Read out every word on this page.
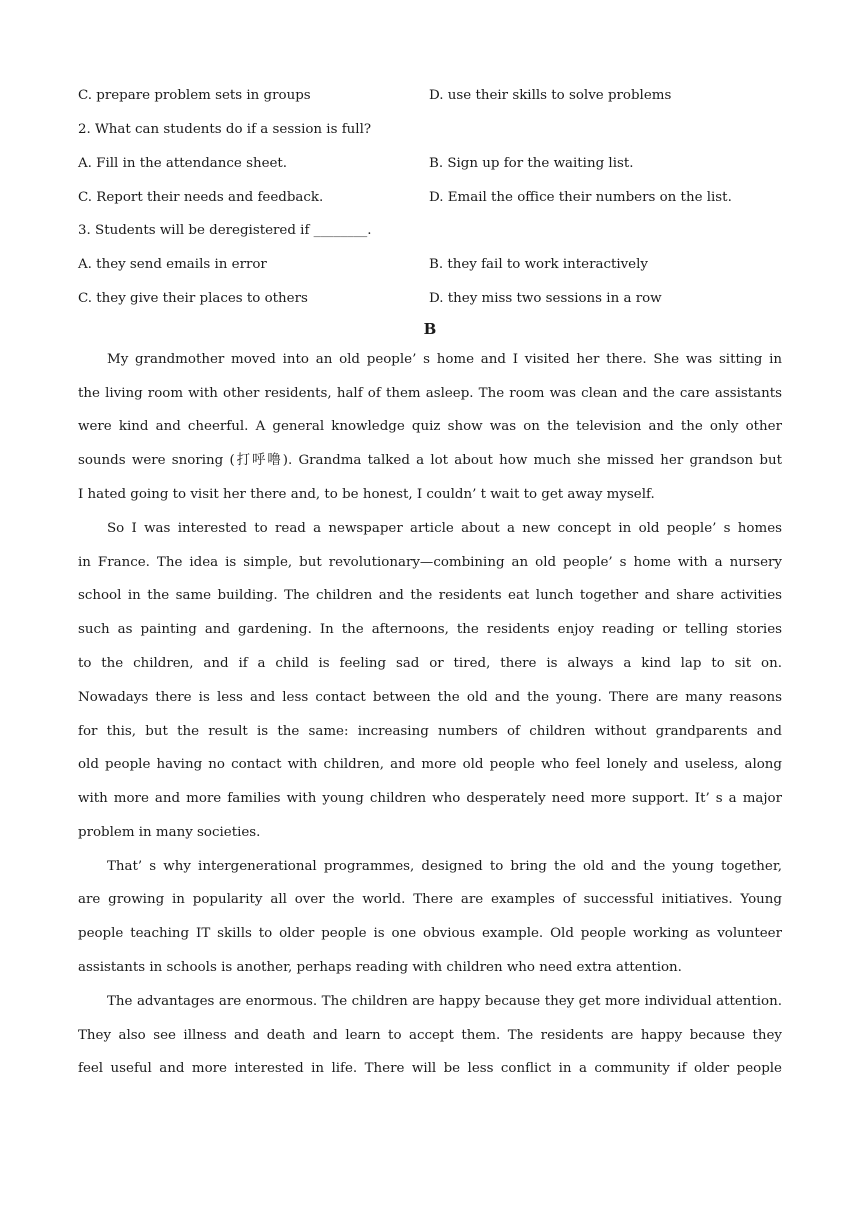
C. prepare problem sets in groups	D. use their skills to solve problems
2. What can students do if a session is full?
A. Fill in the attendance sheet.	B. Sign up for the waiting list.
C. Report their needs and feedback.	D. Email the office their numbers on the list.
3. Students will be deregistered if ________.
A. they send emails in error	B. they fail to work interactively
C. they give their places to others	D. they miss two sessions in a row
B
My grandmother moved into an old people’ s home and I visited her there. She was sitting in
the living room with other residents, half of them asleep. The room was clean and the care assistants
were kind and cheerful. A general knowledge quiz show was on the television and the only other
sounds were snoring (打呼噜). Grandma talked a lot about how much she missed her grandson but
I hated going to visit her there and, to be honest, I couldn’ t wait to get away myself.
So I was interested to read a newspaper article about a new concept in old people’ s homes
in France. The idea is simple, but revolutionary—combining an old people’ s home with a nursery
school in the same building. The children and the residents eat lunch together and share activities
such as painting and gardening. In the afternoons, the residents enjoy reading or telling stories
to the children, and if a child is feeling sad or tired, there is always a kind lap to sit on.
Nowadays there is less and less contact between the old and the young. There are many reasons
for this, but the result is the same: increasing numbers of children without grandparents and
old people having no contact with children, and more old people who feel lonely and useless, along
with more and more families with young children who desperately need more support. It’ s a major
problem in many societies.
That’ s why intergenerational programmes, designed to bring the old and the young together,
are growing in popularity all over the world. There are examples of successful initiatives. Young
people teaching IT skills to older people is one obvious example. Old people working as volunteer
assistants in schools is another, perhaps reading with children who need extra attention.
The advantages are enormous. The children are happy because they get more individual attention.
They also see illness and death and learn to accept them. The residents are happy because they
feel useful and more interested in life. There will be less conflict in a community if older people
